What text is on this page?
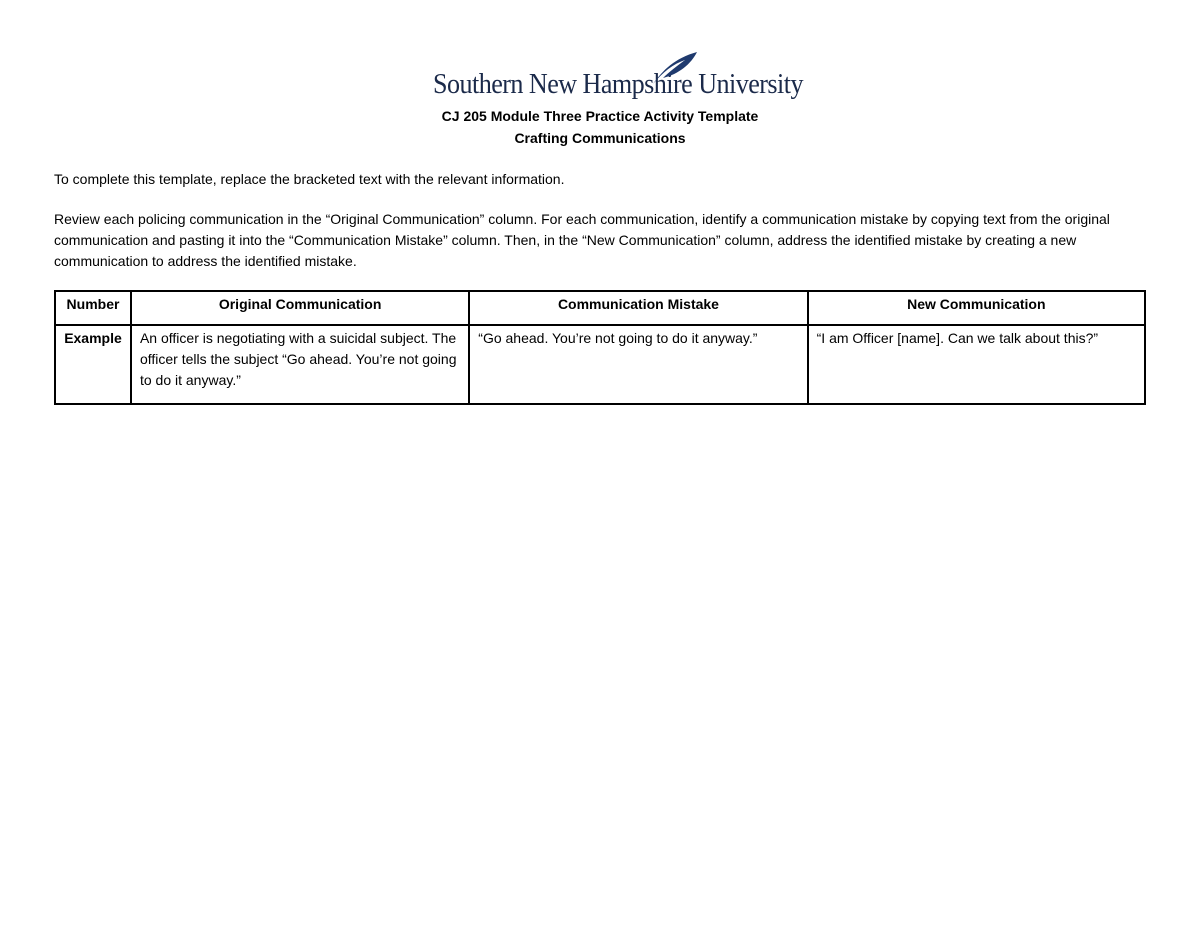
Southern New Hampshire University
CJ 205 Module Three Practice Activity Template
Crafting Communications
To complete this template, replace the bracketed text with the relevant information.
Review each policing communication in the “Original Communication” column. For each communication, identify a communication mistake by copying text from the original communication and pasting it into the “Communication Mistake” column. Then, in the “New Communication” column, address the identified mistake by creating a new communication to address the identified mistake.
Number	Original Communication	Communication Mistake	New Communication
Example	An officer is negotiating with a suicidal subject. The officer tells the subject “Go ahead. You’re not going to do it anyway.”	“Go ahead. You’re not going to do it anyway.”	“I am Officer [name]. Can we talk about this?”
